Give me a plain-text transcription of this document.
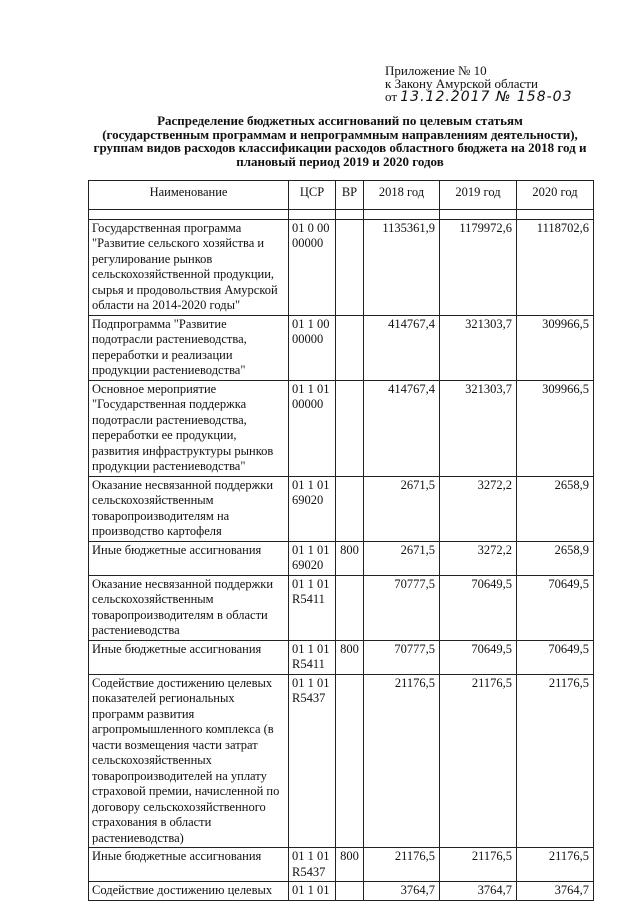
Приложение № 10
к Закону Амурской области
от 13.12.2017 № 158-03
Распределение бюджетных ассигнований по целевым статьям
(государственным программам и непрограммным направлениям деятельности),
группам видов расходов классификации расходов областного бюджета на 2018 год и
плановый период 2019 и 2020 годов
Наименование	ЦСР	ВР	2018 год	2019 год	2020 год

Государственная программа "Развитие сельского хозяйства и регулирование рынков сельскохозяйственной продукции, сырья и продовольствия Амурской области на 2014-2020 годы"	01 0 00 00000		1135361,9	1179972,6	1118702,6
Подпрограмма "Развитие подотрасли растениеводства, переработки и реализации продукции растениеводства"	01 1 00 00000		414767,4	321303,7	309966,5
Основное мероприятие "Государственная поддержка подотрасли растениеводства, переработки ее продукции, развития инфраструктуры рынков продукции растениеводства"	01 1 01 00000		414767,4	321303,7	309966,5
Оказание несвязанной поддержки сельскохозяйственным товаропроизводителям на производство картофеля	01 1 01 69020		2671,5	3272,2	2658,9
Иные бюджетные ассигнования	01 1 01 69020	800	2671,5	3272,2	2658,9
Оказание несвязанной поддержки сельскохозяйственным товаропроизводителям в области растениеводства	01 1 01 R5411		70777,5	70649,5	70649,5
Иные бюджетные ассигнования	01 1 01 R5411	800	70777,5	70649,5	70649,5
Содействие достижению целевых показателей региональных программ развития агропромышленного комплекса (в части возмещения части затрат сельскохозяйственных товаропроизводителей на уплату страховой премии, начисленной по договору сельскохозяйственного страхования в области растениеводства)	01 1 01 R5437		21176,5	21176,5	21176,5
Иные бюджетные ассигнования	01 1 01 R5437	800	21176,5	21176,5	21176,5
Содействие достижению целевых	01 1 01		3764,7	3764,7	3764,7
